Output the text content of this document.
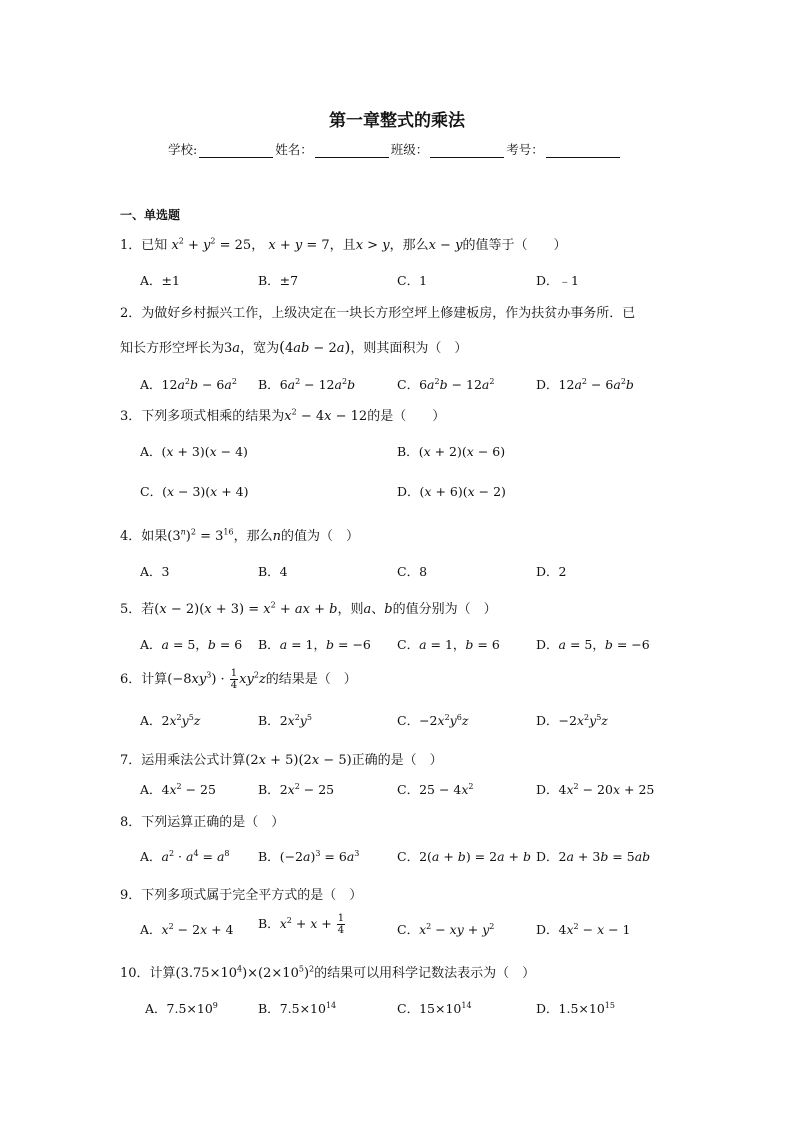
第一章整式的乘法
学校:	姓名：	班级：	考号：
一、单选题
1．已知 $x^2 + y^2 = 25$， x + y = 7，且x > y，那么x − y的值等于（　　）
A．±1	B．±7	C．1	D．﹣1
2．为做好乡村振兴工作，上级决定在一块长方形空坪上修建板房，作为扶贫办事务所．已
知长方形空坪长为3a，宽为(4ab − 2a)，则其面积为（　）
A．$12a^2b - 6a^2$ B．$6a^2 - 12a^2b$	C．$6a^2b - 12a^2$	D．$12a^2 - 6a^2b$
3．下列多项式相乘的结果为$x^2 - 4x - 12$的是（　　）
A．(x + 3)(x − 4)	B．(x + 2)(x − 6)
C．(x − 3)(x + 4)	D．(x + 6)(x − 2)
4．如果$(3^n)^2 = 3^{16}$，那么n的值为（　）
A．3	B．4	C．8	D．2
5．若$(x - 2)(x + 3) = x^2$ + ax + b，则a、b的值分别为（　）
A．a = 5，b = 6 B．a = 1，b = −6 C．a = 1，b = 6	D．a = 5，b = −6
6．计算$(-8xy^3) \cdot \frac{1}{4} xy^2z$的结果是（　）
A．$2x^2y^5z$	B．$2x^2y^5$	C．$-2x^2y^6z$	D．$-2x^2y^5z$
7．运用乘法公式计算(2x + 5)(2x − 5)正确的是（　）
A．$4x^2 - 25$	B．$2x^2 - 25$	C．$25 - 4x^2$	D．$4x^2 - 20x + 25$
8．下列运算正确的是（　）
A．$a^2 \cdot a^4 = a^8$ B．$(-2a)^3 = 6a^3$	C．2(a + b) = 2a + b D．2a + 3b = 5ab
9．下列多项式属于完全平方式的是（　）
A．$x^2 - 2x + 4$ B．$x^2 + x + \frac{1}{4}$	C．$x^2$ − xy + $y^2$	D．$4x^2 - x - 1$
10．计算$(3.75\times 10^4)\times(2\times 10^5)^2$的结果可以用科学记数法表示为（　）
A．$7.5\times 10^9$	B．$7.5\times 10^{14}$	C．$15\times 10^{14}$	D．$1.5\times 10^{15}$
